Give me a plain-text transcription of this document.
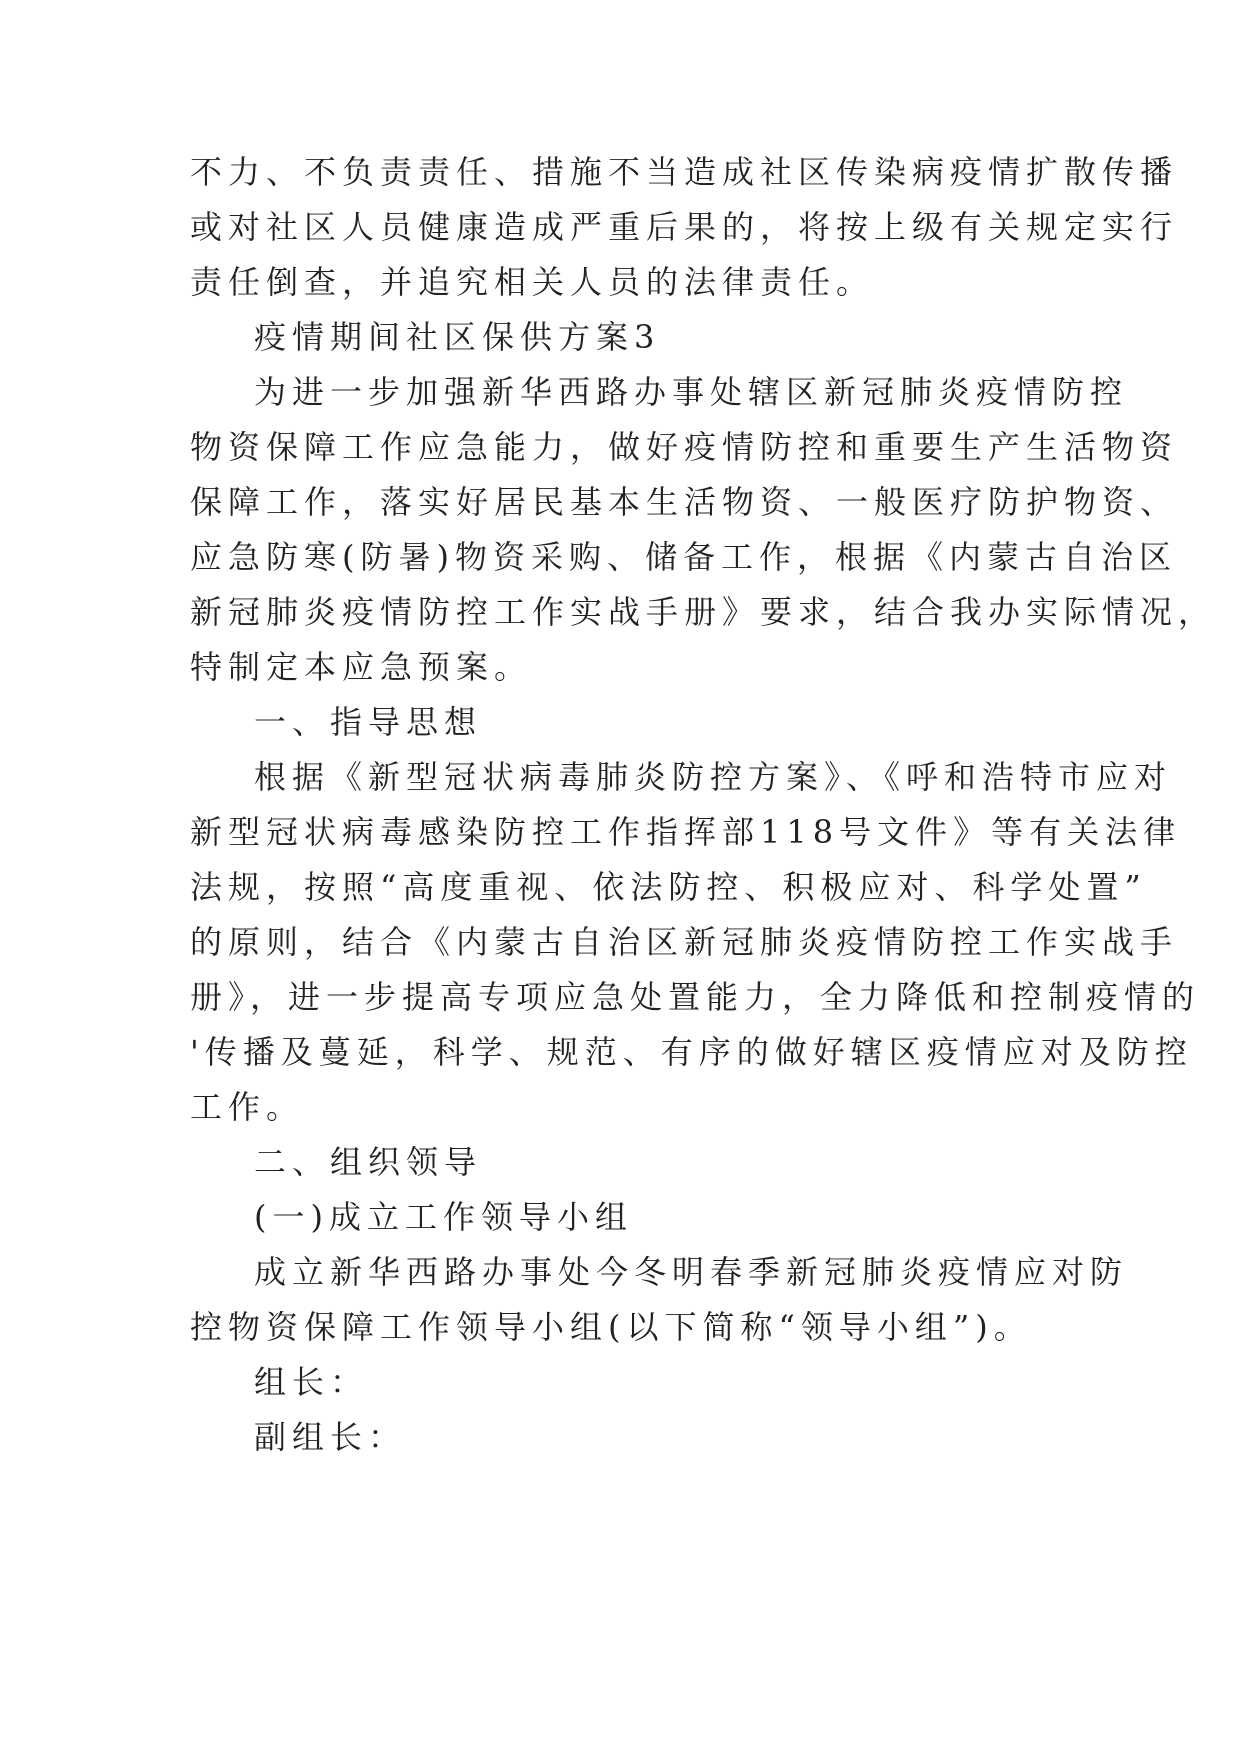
不力、不负责责任、措施不当造成社区传染病疫情扩散传播
或对社区人员健康造成严重后果的，将按上级有关规定实行
责任倒查，并追究相关人员的法律责任。
疫情期间社区保供方案3
为进一步加强新华西路办事处辖区新冠肺炎疫情防控
物资保障工作应急能力，做好疫情防控和重要生产生活物资
保障工作，落实好居民基本生活物资、一般医疗防护物资、
应急防寒(防暑)物资采购、储备工作，根据《内蒙古自治区
新冠肺炎疫情防控工作实战手册》要求，结合我办实际情况，
特制定本应急预案。
一、指导思想
根据《新型冠状病毒肺炎防控方案》、《呼和浩特市应对
新型冠状病毒感染防控工作指挥部118号文件》等有关法律
法规，按照“高度重视、依法防控、积极应对、科学处置”
的原则，结合《内蒙古自治区新冠肺炎疫情防控工作实战手
册》，进一步提高专项应急处置能力，全力降低和控制疫情的
'传播及蔓延，科学、规范、有序的做好辖区疫情应对及防控
工作。
二、组织领导
(一)成立工作领导小组
成立新华西路办事处今冬明春季新冠肺炎疫情应对防
控物资保障工作领导小组(以下简称“领导小组”)。
组长：
副组长：
